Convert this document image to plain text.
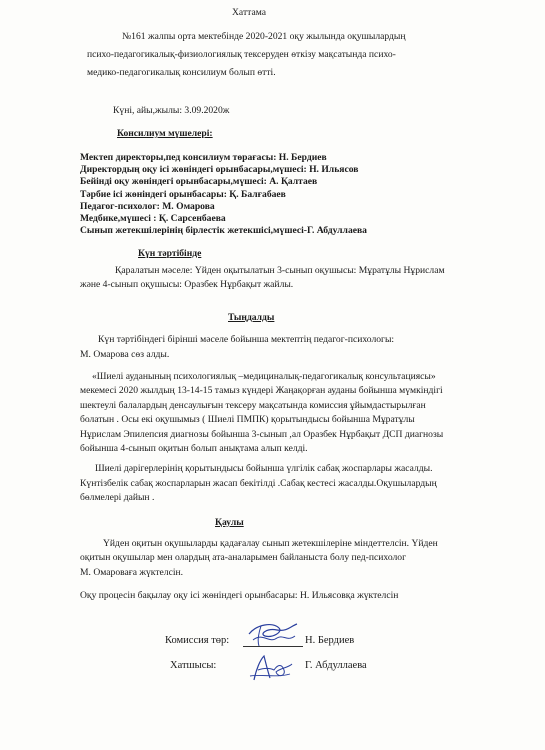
Хаттама
№161 жалпы орта мектебінде 2020-2021 оқу жылында оқушылардың
психо-педагогикалық-физиологиялық тексеруден өткізу мақсатында психо-
медико-педагогикалық консилиум болып өтті.
Күні, айы,жылы: 3.09.2020ж
Консилиум мүшелері:
Мектеп директоры,пед консилиум төрағасы: Н. Бердиев
Директордың оқу ісі жөніндегі орынбасары,мүшесі: Н. Ильясов
Бейіндi оқу жөніндегі орынбасары,мүшесі: А. Қалтаев
Тәрбие ісі жөніндегі орынбасары: Қ. Балғабаев
Педагог-психолог: М. Омарова
Медбике,мүшесі : Қ. Сарсенбаева
Сынып жетекшілерінің бірлестік жетекшісі,мүшесі-Г. Абдуллаева
Күн тәртібінде
Қаралатын мәселе: Үйден оқытылатын 3-сынып оқушысы: Мұратұлы Нұрислам
және 4-сынып оқушысы: Оразбек Нұрбақыт жайлы.
Тыңдалды
Күн тәртібіндегі бірінші мәселе бойынша мектептің педагог-психологы:
М. Омарова сөз алды.
«Шиелі ауданының психологиялық –медициналық-педагогикалық консультациясы»
мекемесі 2020 жылдың 13-14-15 тамыз күндері Жаңақорған ауданы бойынша мүмкіндігі
шектеулі балалардың денсаулығын тексеру мақсатында комиссия ұйымдастырылған
болатын . Осы екі оқушымыз ( Шиелі ПМПК) қорытындысы бойынша Мұратұлы
Нұрислам Эпилепсия диагнозы бойынша 3-сынып ,ал Оразбек Нұрбақыт ДСП диагнозы
бойынша 4-сынып оқитын болып анықтама алып келді.
Шиелі дәрігерлерінің қорытындысы бойынша үлгілік сабақ жоспарлары жасалды.
Күнтізбелік сабақ жоспарларын жасап бекітілді .Сабақ кестесі жасалды.Оқушылардың
бөлмелері дайын .
Қаулы
Үйден оқитын оқушыларды қадағалау сынып жетекшілеріне міндеттелсін. Үйден
оқитын оқушылар мен олардың ата-аналарымен байланыста болу пед-психолог
М. Омароваға жүктелсін.
Оқу процесін бақылау оқу ісі жөніндегі орынбасары: Н. Ильясовқа жүктелсін
Комиссия төр:	Н. Бердиев
Хатшысы:	Г. Абдуллаева
